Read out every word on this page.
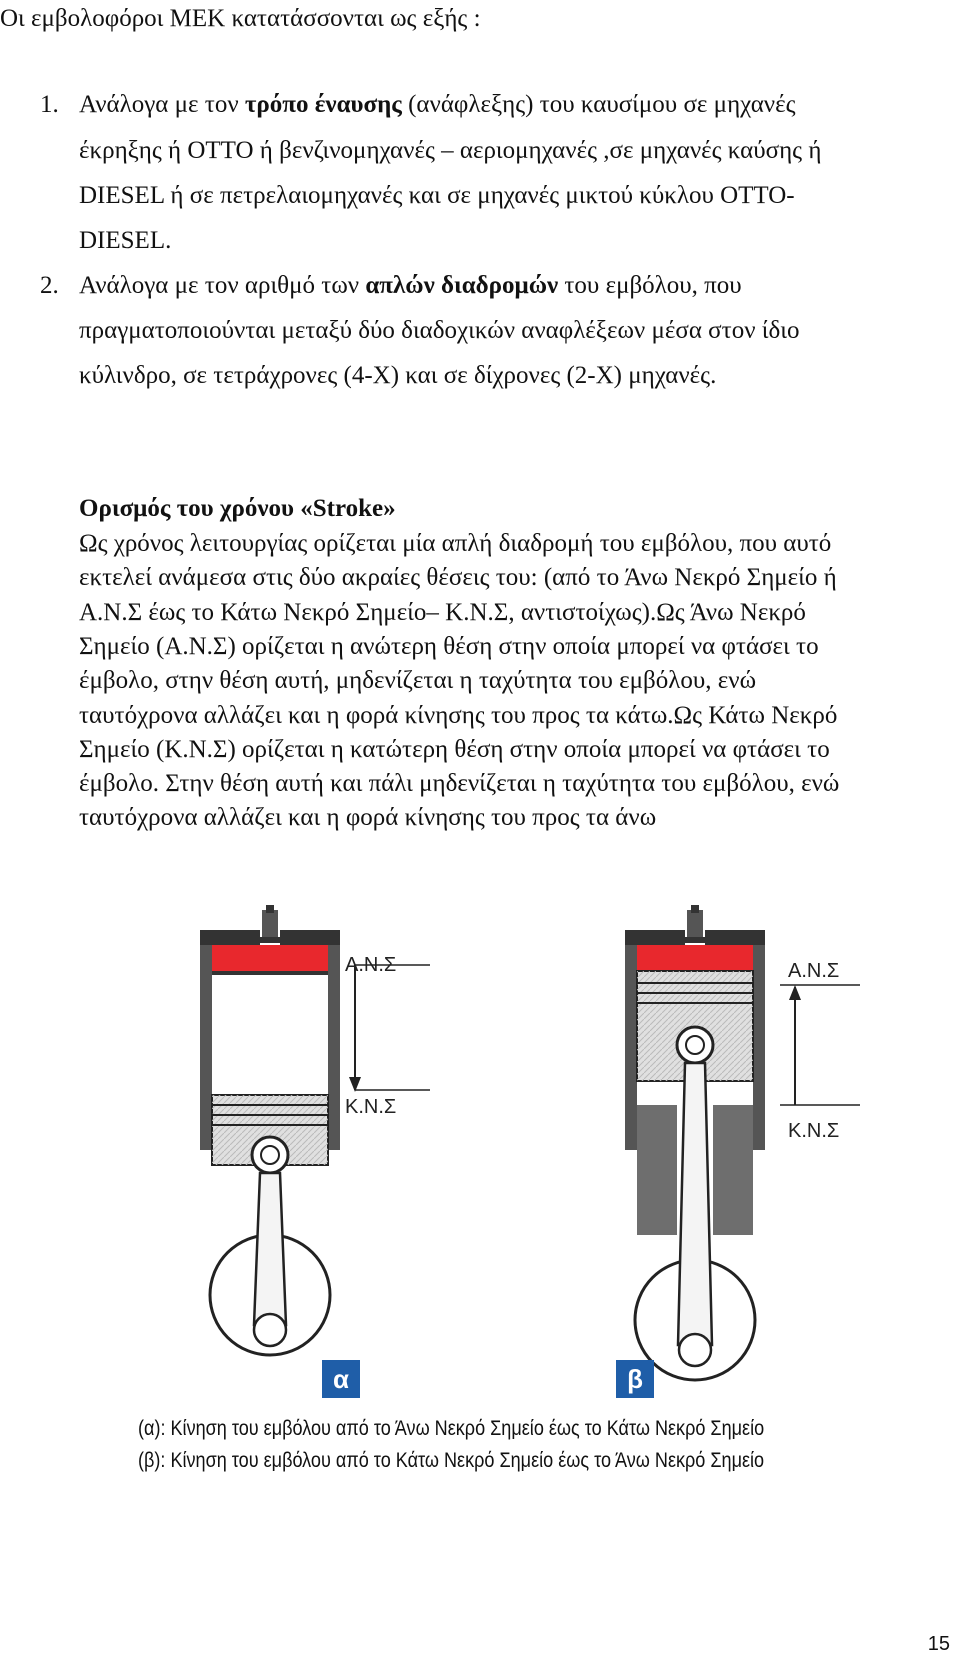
Οι εμβολοφόροι ΜΕΚ κατατάσσονται ως εξής :
1. Ανάλογα με τον τρόπο έναυσης (ανάφλεξης) του καυσίμου σε μηχανές
έκρηξης ή ΟΤΤΟ ή βενζινομηχανές – αεριομηχανές ,σε μηχανές καύσης ή
DIESEL ή σε πετρελαιομηχανές και σε μηχανές μικτού κύκλου ΟΤΤΟ-
DIESEL.
2. Ανάλογα με τον αριθμό των απλών διαδρομών του εμβόλου, που
πραγματοποιούνται μεταξύ δύο διαδοχικών αναφλέξεων μέσα στον ίδιο
κύλινδρο, σε τετράχρονες (4-Χ) και σε δίχρονες (2-Χ) μηχανές.
Ορισμός του χρόνου «Stroke»
Ως χρόνος λειτουργίας ορίζεται μία απλή διαδρομή του εμβόλου, που αυτό
εκτελεί ανάμεσα στις δύο ακραίες θέσεις του: (από το Άνω Νεκρό Σημείο ή
Α.Ν.Σ έως το Κάτω Νεκρό Σημείο– Κ.Ν.Σ, αντιστοίχως).Ως Άνω Νεκρό
Σημείο (Α.Ν.Σ) ορίζεται η ανώτερη θέση στην οποία μπορεί να φτάσει το
έμβολο, στην θέση αυτή, μηδενίζεται η ταχύτητα του εμβόλου, ενώ
ταυτόχρονα αλλάζει και η φορά κίνησης του προς τα κάτω.Ως Κάτω Νεκρό
Σημείο (Κ.Ν.Σ) ορίζεται η κατώτερη θέση στην οποία μπορεί να φτάσει το
έμβολο. Στην θέση αυτή και πάλι μηδενίζεται η ταχύτητα του εμβόλου, ενώ
ταυτόχρονα αλλάζει και η φορά κίνησης του προς τα άνω
Α.Ν.Σ
Κ.Ν.Σ
Α.Ν.Σ
Κ.Ν.Σ
α	β
(α): Κίνηση του εμβόλου από το Άνω Νεκρό Σημείο έως το Κάτω Νεκρό Σημείο
(β): Κίνηση του εμβόλου από το Κάτω Νεκρό Σημείο έως το Άνω Νεκρό Σημείο
15
